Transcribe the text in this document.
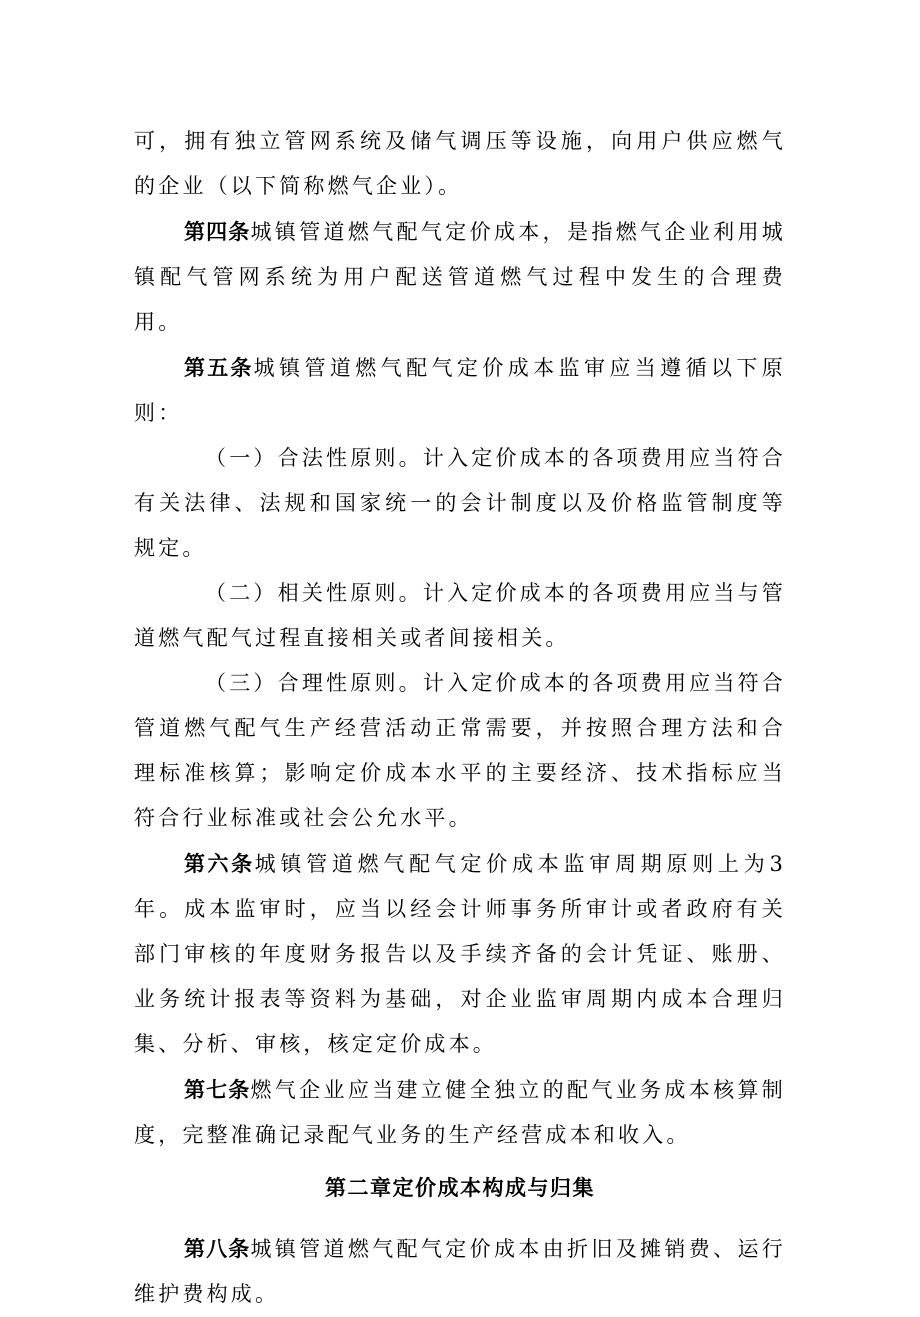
可，拥有独立管网系统及储气调压等设施，向用户供应燃气的企业（以下简称燃气企业）。

第四条城镇管道燃气配气定价成本，是指燃气企业利用城镇配气管网系统为用户配送管道燃气过程中发生的合理费用。

第五条城镇管道燃气配气定价成本监审应当遵循以下原则：

（一）合法性原则。计入定价成本的各项费用应当符合有关法律、法规和国家统一的会计制度以及价格监管制度等规定。

（二）相关性原则。计入定价成本的各项费用应当与管道燃气配气过程直接相关或者间接相关。

（三）合理性原则。计入定价成本的各项费用应当符合管道燃气配气生产经营活动正常需要，并按照合理方法和合理标准核算；影响定价成本水平的主要经济、技术指标应当符合行业标准或社会公允水平。

第六条城镇管道燃气配气定价成本监审周期原则上为3年。成本监审时，应当以经会计师事务所审计或者政府有关部门审核的年度财务报告以及手续齐备的会计凭证、账册、业务统计报表等资料为基础，对企业监审周期内成本合理归集、分析、审核，核定定价成本。

第七条燃气企业应当建立健全独立的配气业务成本核算制度，完整准确记录配气业务的生产经营成本和收入。

第二章定价成本构成与归集

第八条城镇管道燃气配气定价成本由折旧及摊销费、运行维护费构成。
